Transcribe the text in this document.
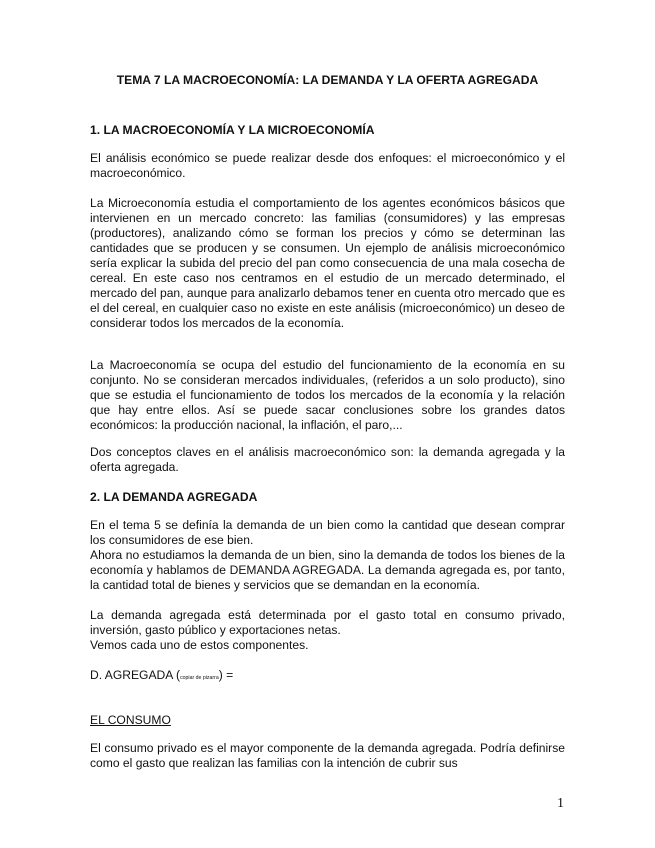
TEMA 7 LA MACROECONOMÍA: LA DEMANDA Y LA OFERTA AGREGADA
1. LA MACROECONOMÍA Y LA MICROECONOMÍA
El análisis económico se puede realizar desde dos enfoques: el microeconómico y el macroeconómico.
La Microeconomía estudia el comportamiento de los agentes económicos básicos que intervienen en un mercado concreto: las familias (consumidores) y las empresas (productores), analizando cómo se forman los precios y cómo se determinan las cantidades que se producen y se consumen. Un ejemplo de análisis microeconómico sería explicar la subida del precio del pan como consecuencia de una mala cosecha de cereal. En este caso nos centramos en el estudio de un mercado determinado, el mercado del pan, aunque para analizarlo debamos tener en cuenta otro mercado que es el del cereal, en cualquier caso no existe en este análisis (microeconómico) un deseo de considerar todos los mercados de la economía.
La Macroeconomía se ocupa del estudio del funcionamiento de la economía en su conjunto. No se consideran mercados individuales, (referidos a un solo producto), sino que se estudia el funcionamiento de todos los mercados de la economía y la relación que hay entre ellos. Así se puede sacar conclusiones sobre los grandes datos económicos: la producción nacional, la inflación, el paro,...
Dos conceptos claves en el análisis macroeconómico son: la demanda agregada y la oferta agregada.
2. LA DEMANDA AGREGADA
En el tema 5 se definía la demanda de un bien como la cantidad que desean comprar los consumidores de ese bien.
Ahora no estudiamos la demanda de un bien, sino la demanda de todos los bienes de la economía y hablamos de DEMANDA AGREGADA. La demanda agregada es, por tanto, la cantidad total de bienes y servicios que se demandan en la economía.
La demanda agregada está determinada por el gasto total en consumo privado, inversión, gasto público y exportaciones netas.
Vemos cada uno de estos componentes.
D. AGREGADA (copiar de pizarra) =
EL CONSUMO
El consumo privado es el mayor componente de la demanda agregada. Podría definirse como el gasto que realizan las familias con la intención de cubrir sus
1
